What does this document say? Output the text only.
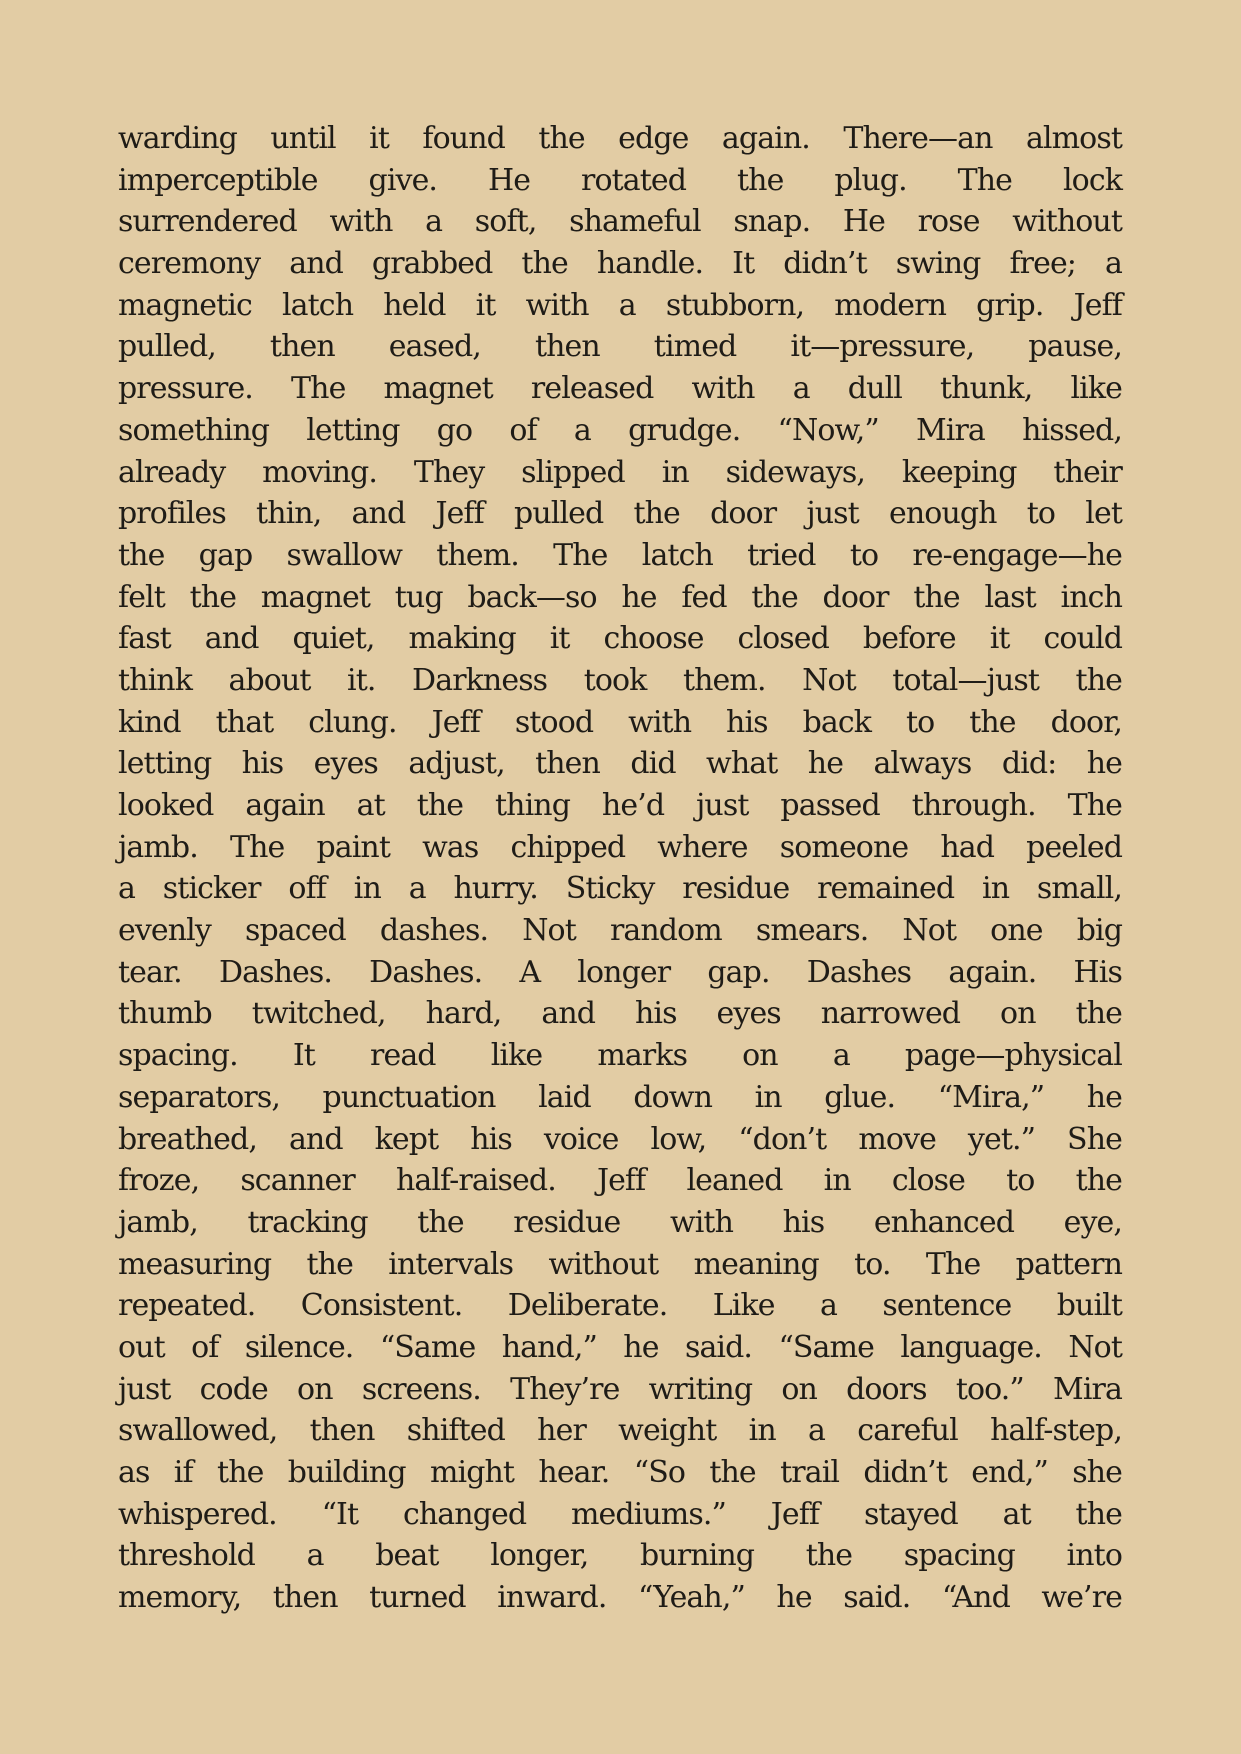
warding until it found the edge again. There—an almost
imperceptible give. He rotated the plug. The lock
surrendered with a soft, shameful snap. He rose without
ceremony and grabbed the handle. It didn’t swing free; a
magnetic latch held it with a stubborn, modern grip. Jeff
pulled, then eased, then timed it—pressure, pause,
pressure. The magnet released with a dull thunk, like
something letting go of a grudge. “Now,” Mira hissed,
already moving. They slipped in sideways, keeping their
profiles thin, and Jeff pulled the door just enough to let
the gap swallow them. The latch tried to re-engage—he
felt the magnet tug back—so he fed the door the last inch
fast and quiet, making it choose closed before it could
think about it. Darkness took them. Not total—just the
kind that clung. Jeff stood with his back to the door,
letting his eyes adjust, then did what he always did: he
looked again at the thing he’d just passed through. The
jamb. The paint was chipped where someone had peeled
a sticker off in a hurry. Sticky residue remained in small,
evenly spaced dashes. Not random smears. Not one big
tear. Dashes. Dashes. A longer gap. Dashes again. His
thumb twitched, hard, and his eyes narrowed on the
spacing. It read like marks on a page—physical
separators, punctuation laid down in glue. “Mira,” he
breathed, and kept his voice low, “don’t move yet.” She
froze, scanner half-raised. Jeff leaned in close to the
jamb, tracking the residue with his enhanced eye,
measuring the intervals without meaning to. The pattern
repeated. Consistent. Deliberate. Like a sentence built
out of silence. “Same hand,” he said. “Same language. Not
just code on screens. They’re writing on doors too.” Mira
swallowed, then shifted her weight in a careful half-step,
as if the building might hear. “So the trail didn’t end,” she
whispered. “It changed mediums.” Jeff stayed at the
threshold a beat longer, burning the spacing into
memory, then turned inward. “Yeah,” he said. “And we’re
